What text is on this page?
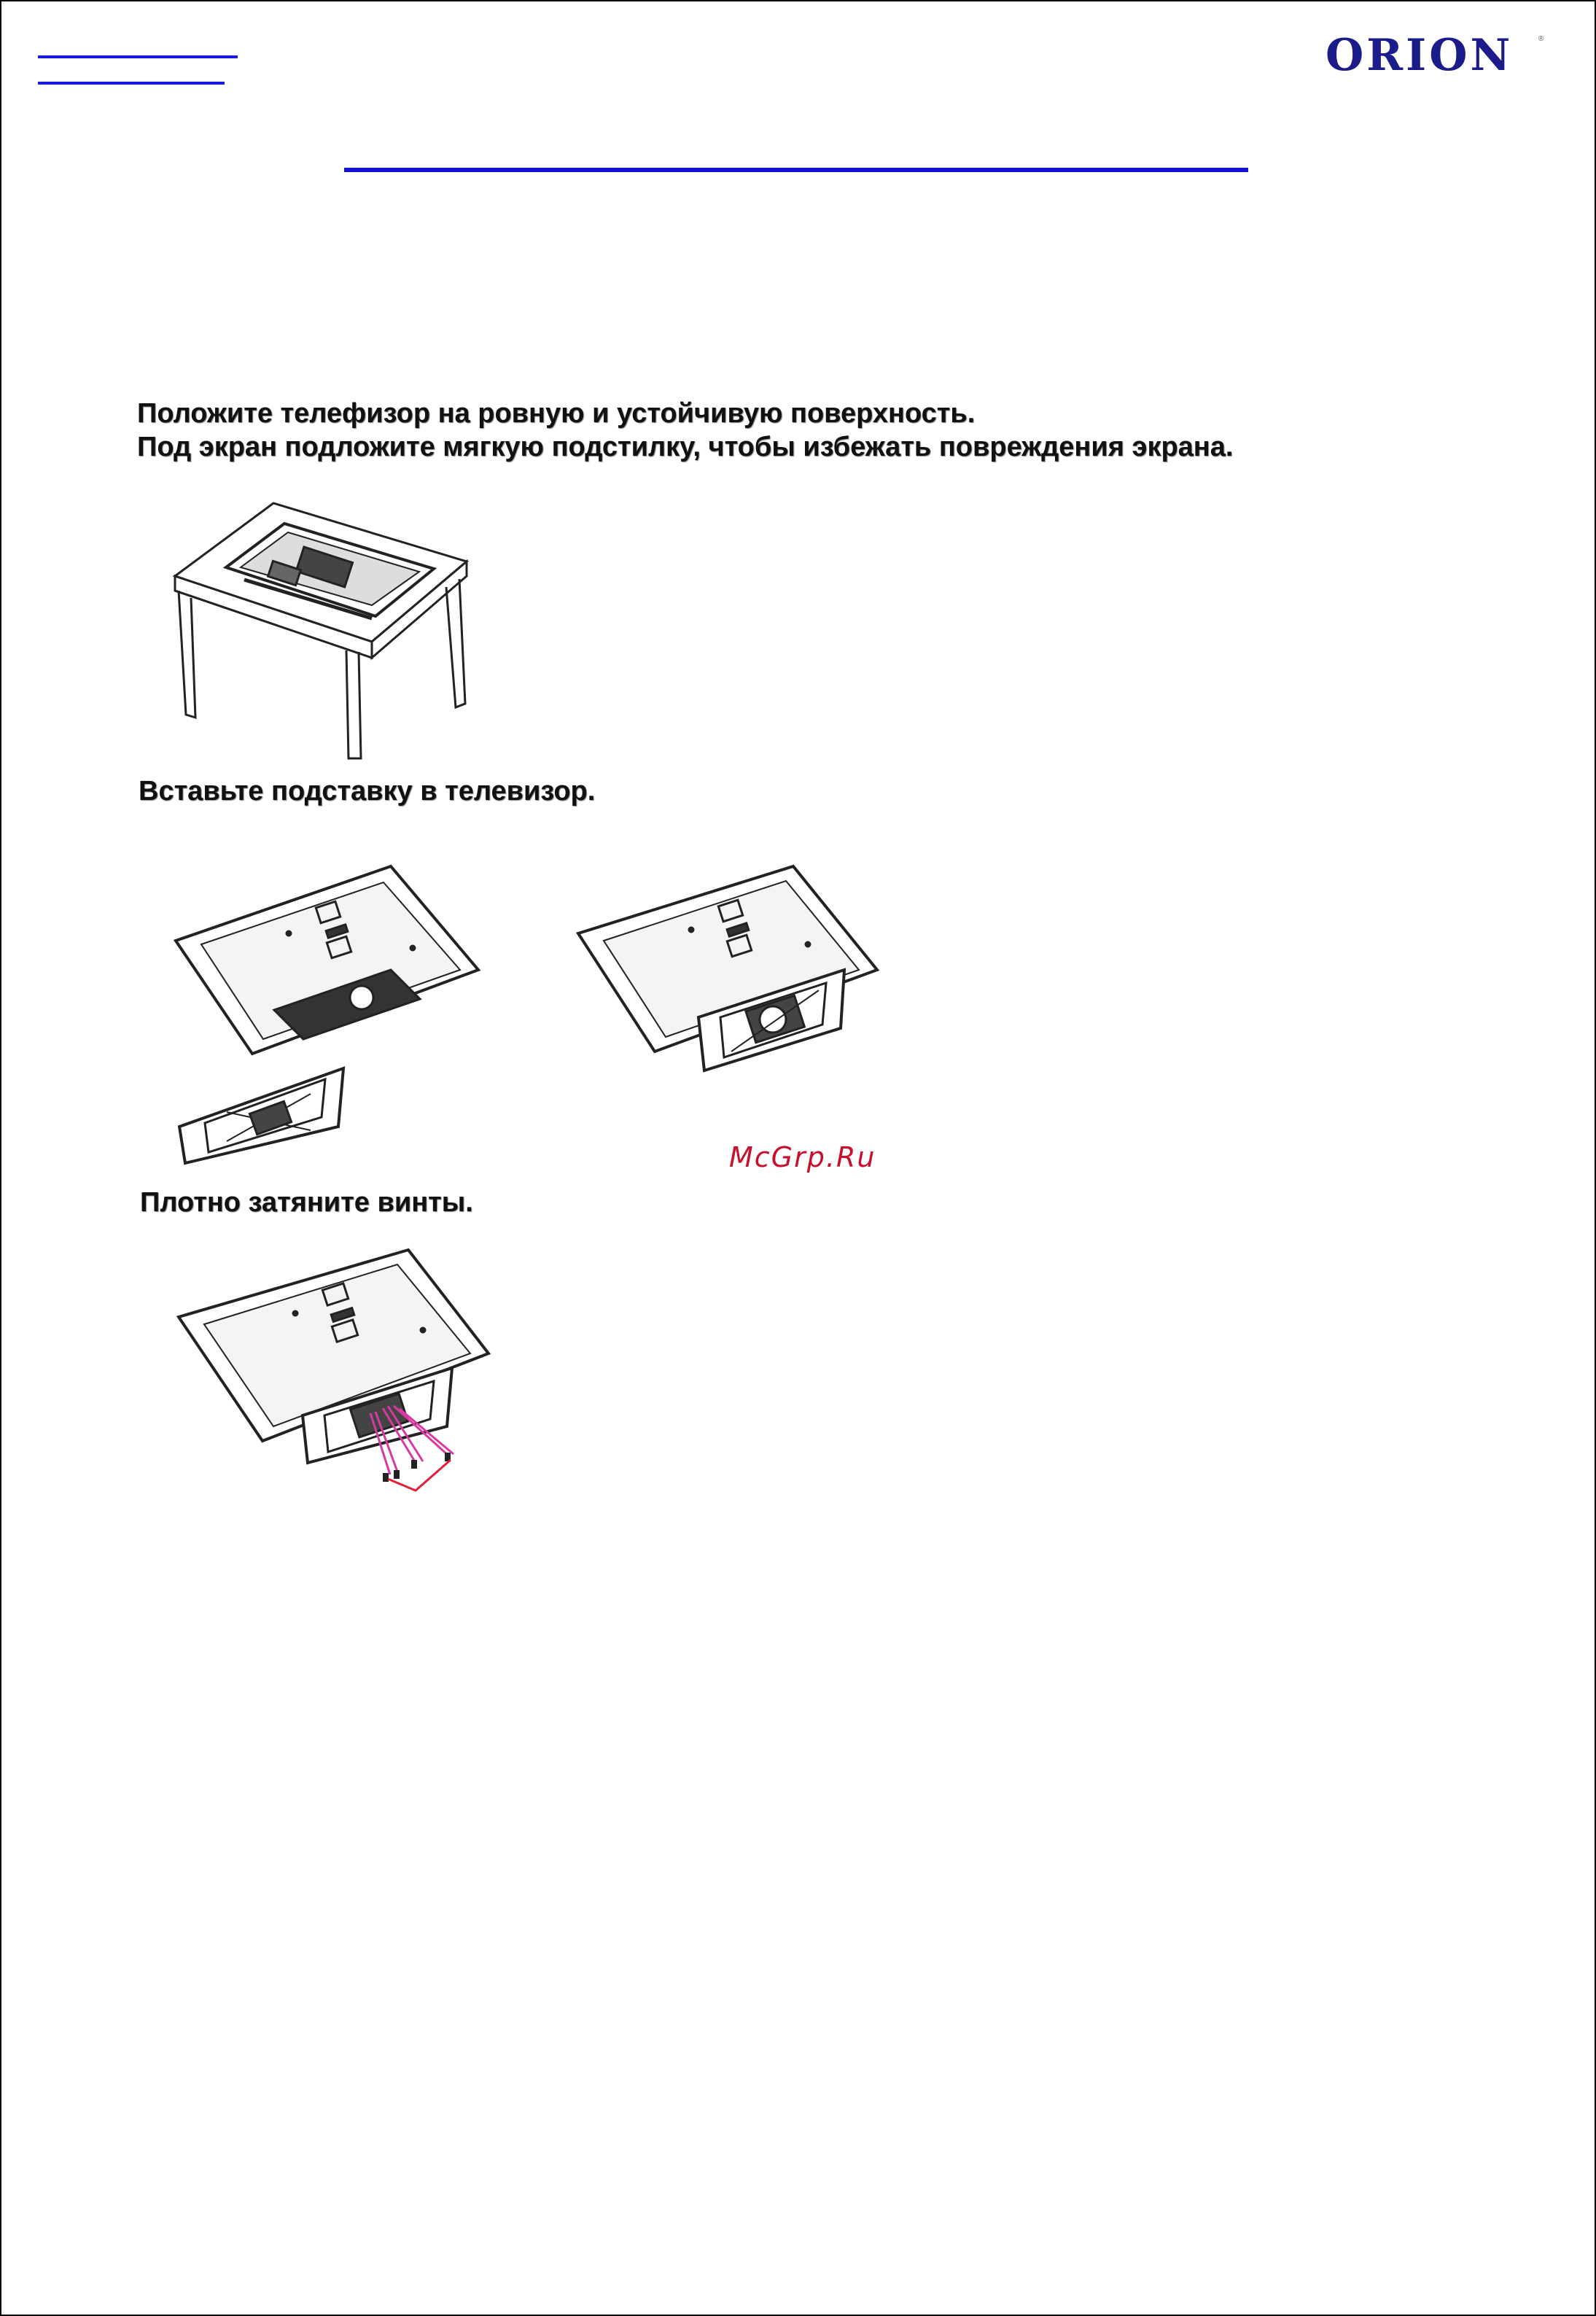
ORION	®
Положите телефизор на ровную и устойчивую поверхность.
Под экран подложите мягкую подстилку, чтобы избежать повреждения экрана.
Вставьте подставку в телевизор.
McGrp.Ru
Плотно затяните винты.
